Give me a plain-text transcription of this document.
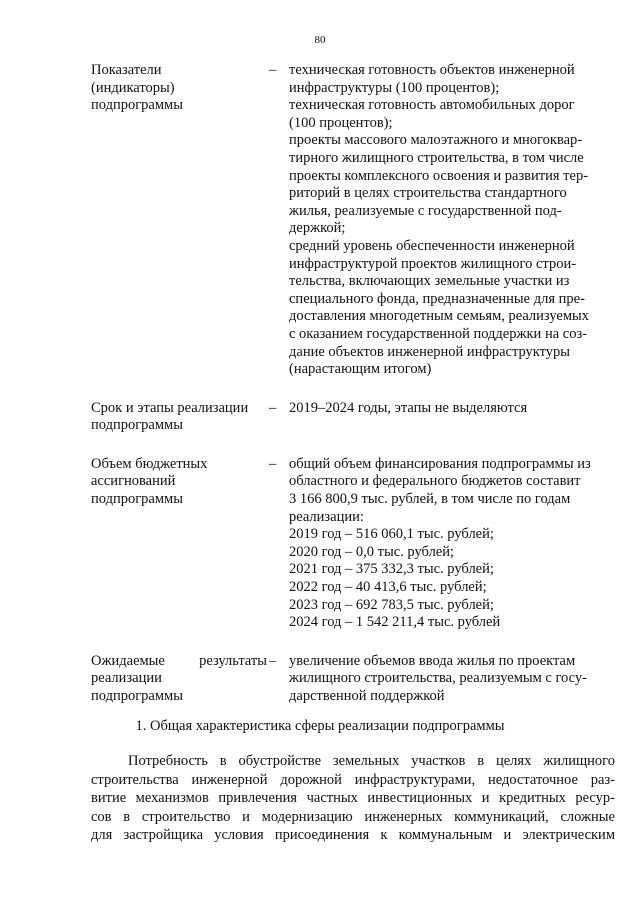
80
Показатели
(индикаторы)
подпрограммы
– техническая готовность объектов инженерной
инфраструктуры (100 процентов);
техническая готовность автомобильных дорог
(100 процентов);
проекты массового малоэтажного и многоквар-
тирного жилищного строительства, в том числе
проекты комплексного освоения и развития тер-
риторий в целях строительства стандартного
жилья, реализуемые с государственной под-
держкой;
средний уровень обеспеченности инженерной
инфраструктурой проектов жилищного строи-
тельства, включающих земельные участки из
специального фонда, предназначенные для пре-
доставления многодетным семьям, реализуемых
с оказанием государственной поддержки на соз-
дание объектов инженерной инфраструктуры
(нарастающим итогом)
Срок и этапы реализации
подпрограммы
– 2019–2024 годы, этапы не выделяются
Объем бюджетных
ассигнований
подпрограммы
– общий объем финансирования подпрограммы из
областного и федерального бюджетов составит
3 166 800,9 тыс. рублей, в том числе по годам
реализации:
2019 год – 516 060,1 тыс. рублей;
2020 год – 0,0 тыс. рублей;
2021 год – 375 332,3 тыс. рублей;
2022 год – 40 413,6 тыс. рублей;
2023 год – 692 783,5 тыс. рублей;
2024 год – 1 542 211,4 тыс. рублей
Ожидаемые результаты
реализации
подпрограммы
– увеличение объемов ввода жилья по проектам
жилищного строительства, реализуемым с госу-
дарственной поддержкой
1. Общая характеристика сферы реализации подпрограммы
Потребность в обустройстве земельных участков в целях жилищного
строительства инженерной дорожной инфраструктурами, недостаточное раз-
витие механизмов привлечения частных инвестиционных и кредитных ресур-
сов в строительство и модернизацию инженерных коммуникаций, сложные
для застройщика условия присоединения к коммунальным и электрическим
